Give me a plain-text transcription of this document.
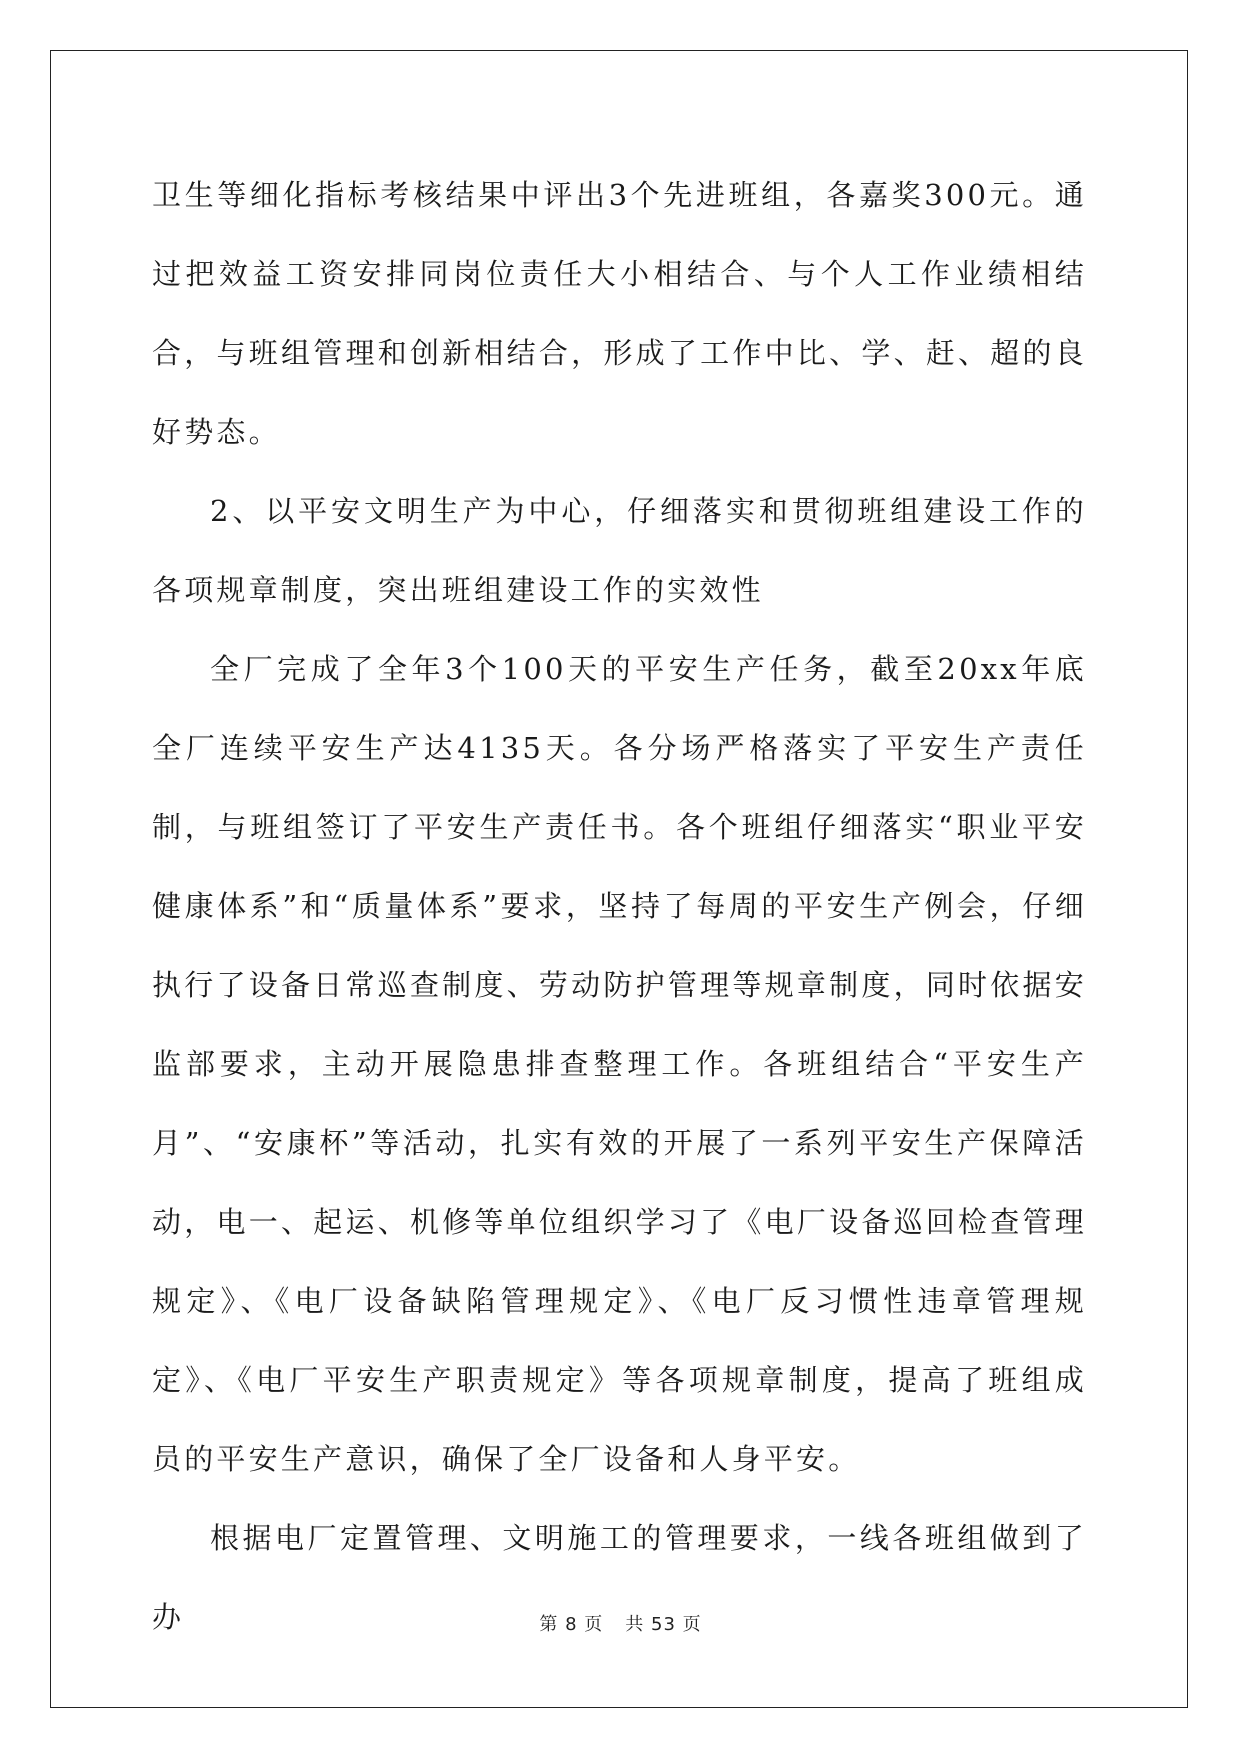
卫生等细化指标考核结果中评出3个先进班组，各嘉奖300元。通过把效益工资安排同岗位责任大小相结合、与个人工作业绩相结合，与班组管理和创新相结合，形成了工作中比、学、赶、超的良好势态。

2、以平安文明生产为中心，仔细落实和贯彻班组建设工作的各项规章制度，突出班组建设工作的实效性

全厂完成了全年3个100天的平安生产任务，截至20xx年底全厂连续平安生产达4135天。各分场严格落实了平安生产责任制，与班组签订了平安生产责任书。各个班组仔细落实“职业平安健康体系”和“质量体系”要求，坚持了每周的平安生产例会，仔细执行了设备日常巡查制度、劳动防护管理等规章制度，同时依据安监部要求，主动开展隐患排查整理工作。各班组结合“平安生产月”、“安康杯”等活动，扎实有效的开展了一系列平安生产保障活动，电一、起运、机修等单位组织学习了《电厂设备巡回检查管理规定》、《电厂设备缺陷管理规定》、《电厂反习惯性违章管理规定》、《电厂平安生产职责规定》等各项规章制度，提高了班组成员的平安生产意识，确保了全厂设备和人身平安。

根据电厂定置管理、文明施工的管理要求，一线各班组做到了办	第 8 页 共 53 页
